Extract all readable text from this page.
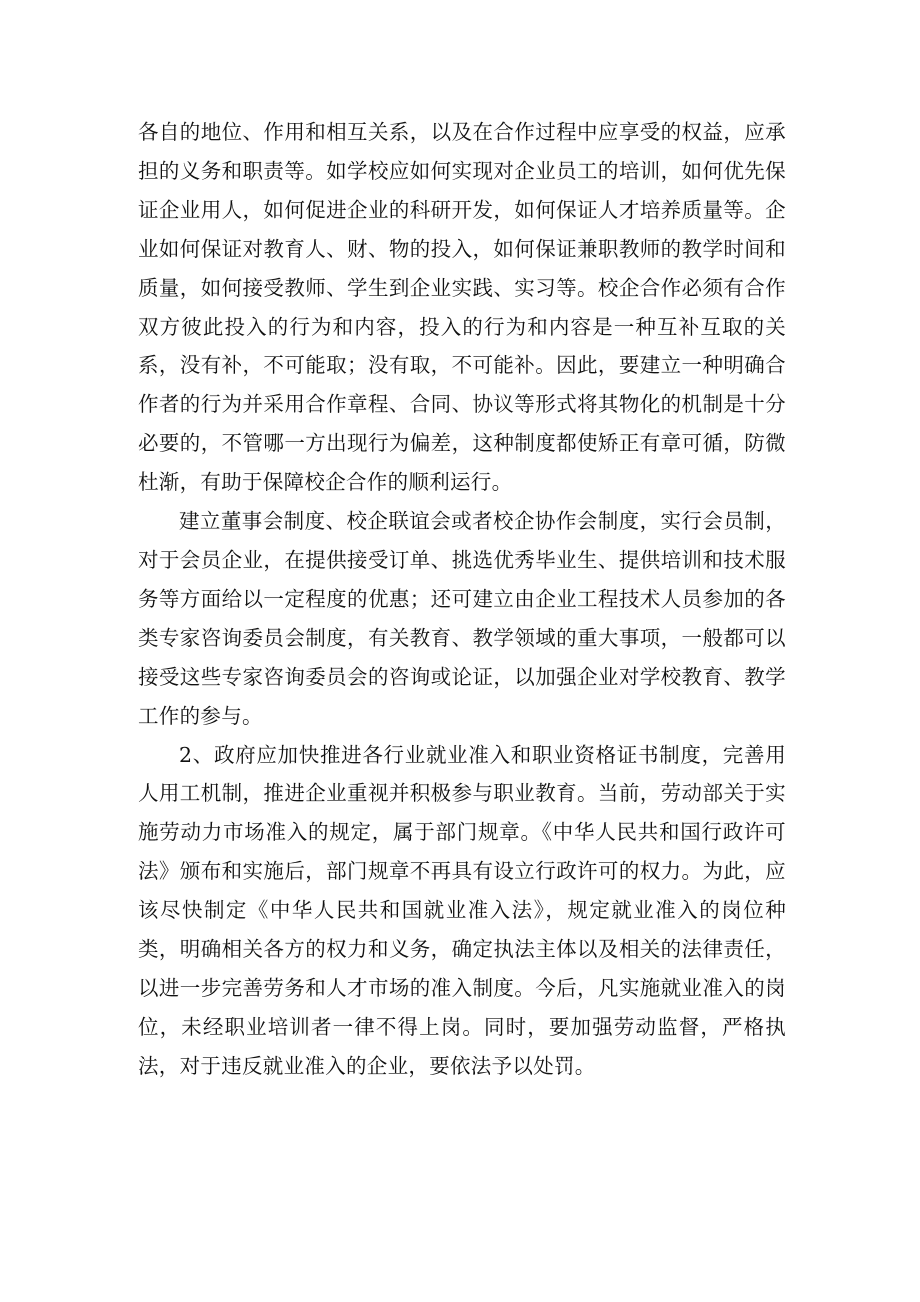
各自的地位、作用和相互关系，以及在合作过程中应享受的权益，应承担的义务和职责等。如学校应如何实现对企业员工的培训，如何优先保证企业用人，如何促进企业的科研开发，如何保证人才培养质量等。企业如何保证对教育人、财、物的投入，如何保证兼职教师的教学时间和质量，如何接受教师、学生到企业实践、实习等。校企合作必须有合作双方彼此投入的行为和内容，投入的行为和内容是一种互补互取的关系，没有补，不可能取；没有取，不可能补。因此，要建立一种明确合作者的行为并采用合作章程、合同、协议等形式将其物化的机制是十分必要的，不管哪一方出现行为偏差，这种制度都使矫正有章可循，防微杜渐，有助于保障校企合作的顺利运行。

建立董事会制度、校企联谊会或者校企协作会制度，实行会员制，对于会员企业，在提供接受订单、挑选优秀毕业生、提供培训和技术服务等方面给以一定程度的优惠；还可建立由企业工程技术人员参加的各类专家咨询委员会制度，有关教育、教学领域的重大事项，一般都可以接受这些专家咨询委员会的咨询或论证，以加强企业对学校教育、教学工作的参与。

2、政府应加快推进各行业就业准入和职业资格证书制度，完善用人用工机制，推进企业重视并积极参与职业教育。当前，劳动部关于实施劳动力市场准入的规定，属于部门规章。《中华人民共和国行政许可法》颁布和实施后，部门规章不再具有设立行政许可的权力。为此，应该尽快制定《中华人民共和国就业准入法》，规定就业准入的岗位种类，明确相关各方的权力和义务，确定执法主体以及相关的法律责任，以进一步完善劳务和人才市场的准入制度。今后，凡实施就业准入的岗位，未经职业培训者一律不得上岗。同时，要加强劳动监督，严格执法，对于违反就业准入的企业，要依法予以处罚。
